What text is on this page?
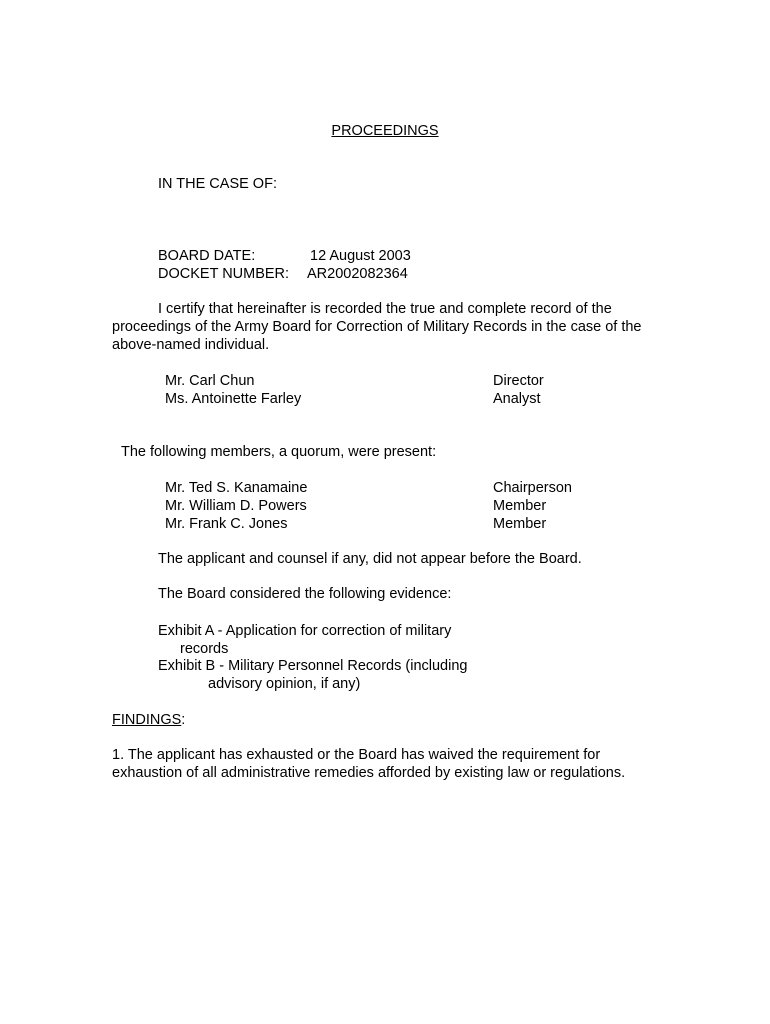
PROCEEDINGS
IN THE CASE OF:
BOARD DATE:	12 August 2003
DOCKET NUMBER: AR2002082364
I certify that hereinafter is recorded the true and complete record of the proceedings of the Army Board for Correction of Military Records in the case of the above-named individual.
Mr. Carl Chun	Director
Ms. Antoinette Farley	Analyst
The following members, a quorum, were present:
Mr. Ted S. Kanamaine	Chairperson
Mr. William D. Powers	Member
Mr. Frank C. Jones	Member
The applicant and counsel if any, did not appear before the Board.
The Board considered the following evidence:
Exhibit A - Application for correction of military
records
Exhibit B - Military Personnel Records (including
advisory opinion, if any)
FINDINGS:
1. The applicant has exhausted or the Board has waived the requirement for exhaustion of all administrative remedies afforded by existing law or regulations.
